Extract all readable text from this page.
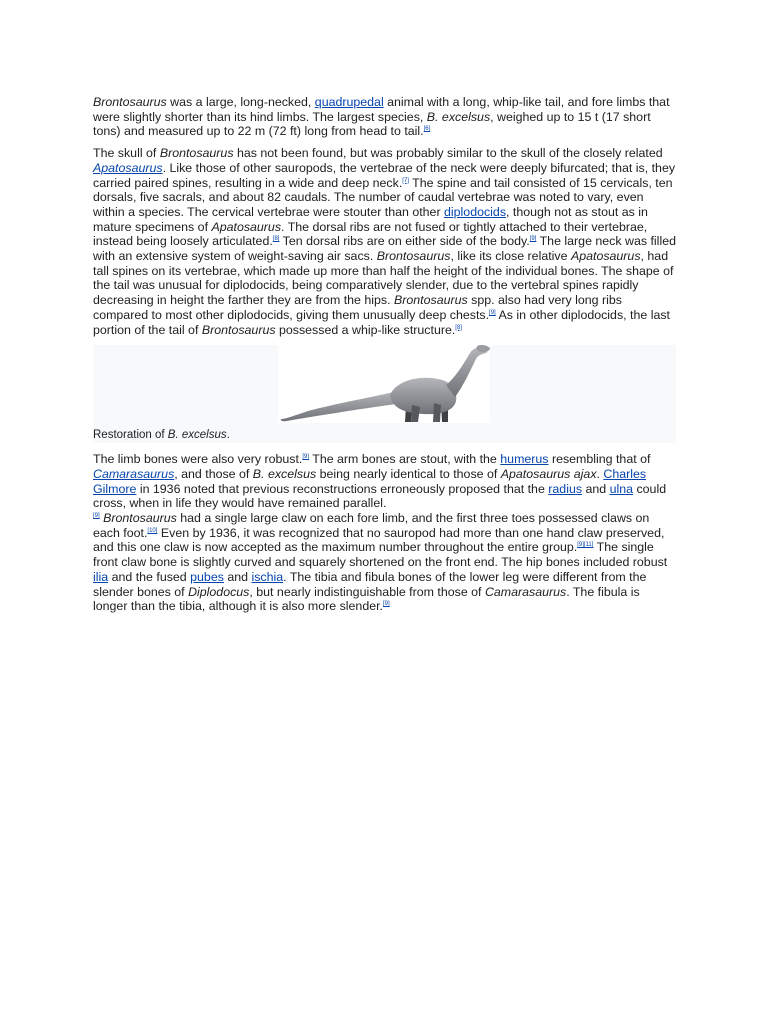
Brontosaurus was a large, long-necked, quadrupedal animal with a long, whip-like tail, and fore limbs that were slightly shorter than its hind limbs. The largest species, B. excelsus, weighed up to 15 t (17 short tons) and measured up to 22 m (72 ft) long from head to tail.[6]

The skull of Brontosaurus has not been found, but was probably similar to the skull of the closely related Apatosaurus. Like those of other sauropods, the vertebrae of the neck were deeply bifurcated; that is, they carried paired spines, resulting in a wide and deep neck.[7] The spine and tail consisted of 15 cervicals, ten dorsals, five sacrals, and about 82 caudals. The number of caudal vertebrae was noted to vary, even within a species. The cervical vertebrae were stouter than other diplodocids, though not as stout as in mature specimens of Apatosaurus. The dorsal ribs are not fused or tightly attached to their vertebrae, instead being loosely articulated.[8] Ten dorsal ribs are on either side of the body.[9] The large neck was filled with an extensive system of weight-saving air sacs. Brontosaurus, like its close relative Apatosaurus, had tall spines on its vertebrae, which made up more than half the height of the individual bones. The shape of the tail was unusual for diplodocids, being comparatively slender, due to the vertebral spines rapidly decreasing in height the farther they are from the hips. Brontosaurus spp. also had very long ribs compared to most other diplodocids, giving them unusually deep chests.[9] As in other diplodocids, the last portion of the tail of Brontosaurus possessed a whip-like structure.[8]

Restoration of B. excelsus.

The limb bones were also very robust.[9] The arm bones are stout, with the humerus resembling that of Camarasaurus, and those of B. excelsus being nearly identical to those of Apatosaurus ajax. Charles Gilmore in 1936 noted that previous reconstructions erroneously proposed that the radius and ulna could cross, when in life they would have remained parallel.
[9] Brontosaurus had a single large claw on each fore limb, and the first three toes possessed claws on each foot.[10] Even by 1936, it was recognized that no sauropod had more than one hand claw preserved, and this one claw is now accepted as the maximum number throughout the entire group.[9][11] The single front claw bone is slightly curved and squarely shortened on the front end. The hip bones included robust ilia and the fused pubes and ischia. The tibia and fibula bones of the lower leg were different from the slender bones of Diplodocus, but nearly indistinguishable from those of Camarasaurus. The fibula is longer than the tibia, although it is also more slender.[9]
